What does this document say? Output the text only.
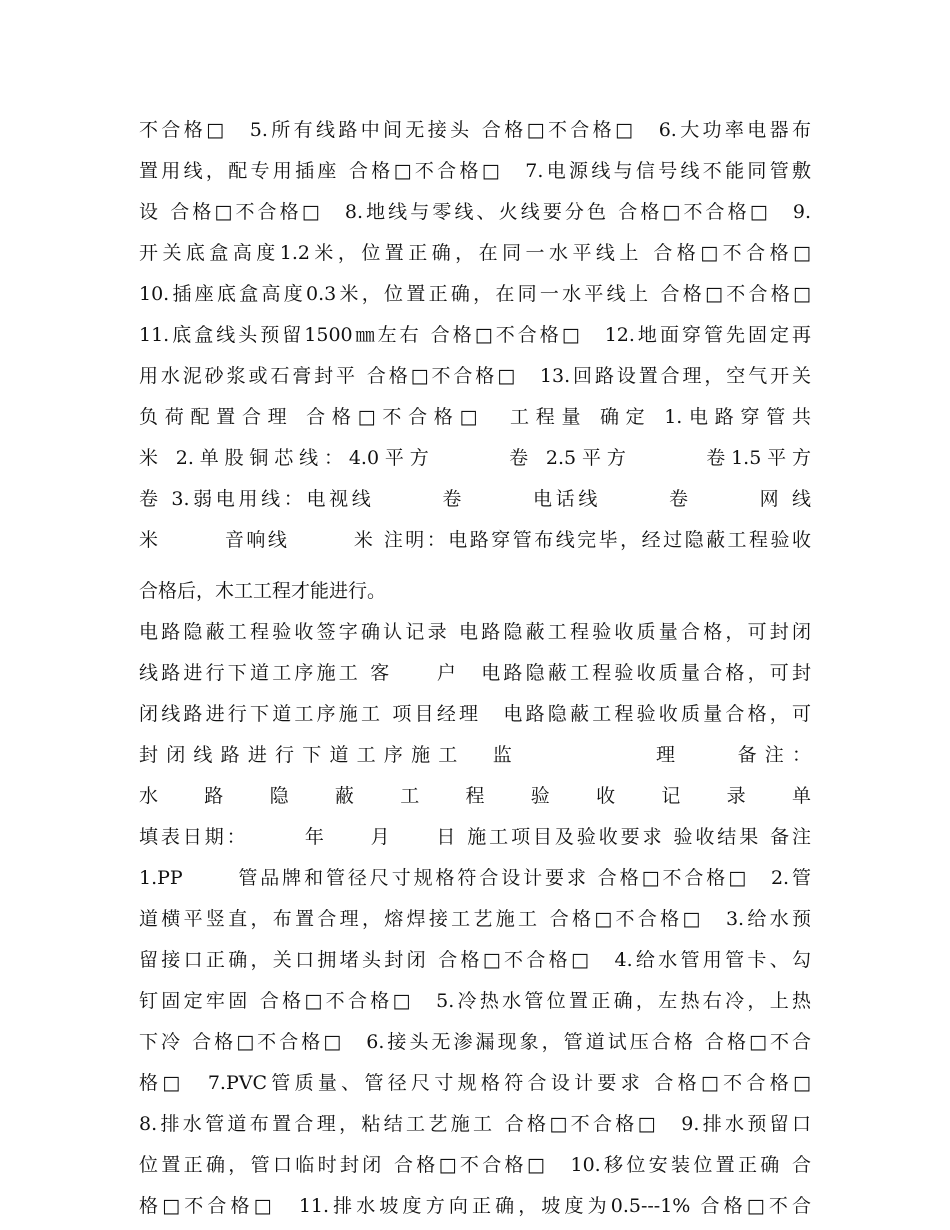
不合格□　5.所有线路中间无接头 合格□不合格□　6.大功率电器布
置用线，配专用插座 合格□不合格□　7.电源线与信号线不能同管敷
设 合格□不合格□　8.地线与零线、火线要分色 合格□不合格□　9.
开关底盒高度1.2米，位置正确，在同一水平线上 合格□不合格□
10.插座底盒高度0.3米，位置正确，在同一水平线上 合格□不合格□
11.底盒线头预留1500㎜左右 合格□不合格□　12.地面穿管先固定再
用水泥砂浆或石膏封平 合格□不合格□　13.回路设置合理，空气开关
负荷配置合理 合格□不合格□　工程量 确定 1.电路穿管共
米 2.单股铜芯线：4.0平方　　　卷 2.5平方　　　卷1.5平方
卷 3.弱电用线：电视线　　　卷　　　电话线　　　卷　　　网 线
米　　　音响线　　　米 注明：电路穿管布线完毕，经过隐蔽工程验收
合格后，木工工程才能进行。
电路隐蔽工程验收签字确认记录 电路隐蔽工程验收质量合格，可封闭
线路进行下道工序施工 客　　户　电路隐蔽工程验收质量合格，可封
闭线路进行下道工序施工 项目经理　电路隐蔽工程验收质量合格，可
封闭线路进行下道工序施工　监　　　　　理　　备注：
水 路 隐 蔽 工 程 验 收 记 录 单
填表日期：　　　年　　月　　日 施工项目及验收要求 验收结果 备注
1.PP　　 管品牌和管径尺寸规格符合设计要求 合格□不合格□　2.管
道横平竖直，布置合理，熔焊接工艺施工 合格□不合格□　3.给水预
留接口正确，关口拥堵头封闭 合格□不合格□　4.给水管用管卡、勾
钉固定牢固 合格□不合格□　5.冷热水管位置正确，左热右冷，上热
下冷 合格□不合格□　6.接头无渗漏现象，管道试压合格 合格□不合
格□　7.PVC管质量、管径尺寸规格符合设计要求 合格□不合格□
8.排水管道布置合理，粘结工艺施工 合格□不合格□　9.排水预留口
位置正确，管口临时封闭 合格□不合格□　10.移位安装位置正确 合
格□不合格□　11.排水坡度方向正确，坡度为0.5---1% 合格□不合
